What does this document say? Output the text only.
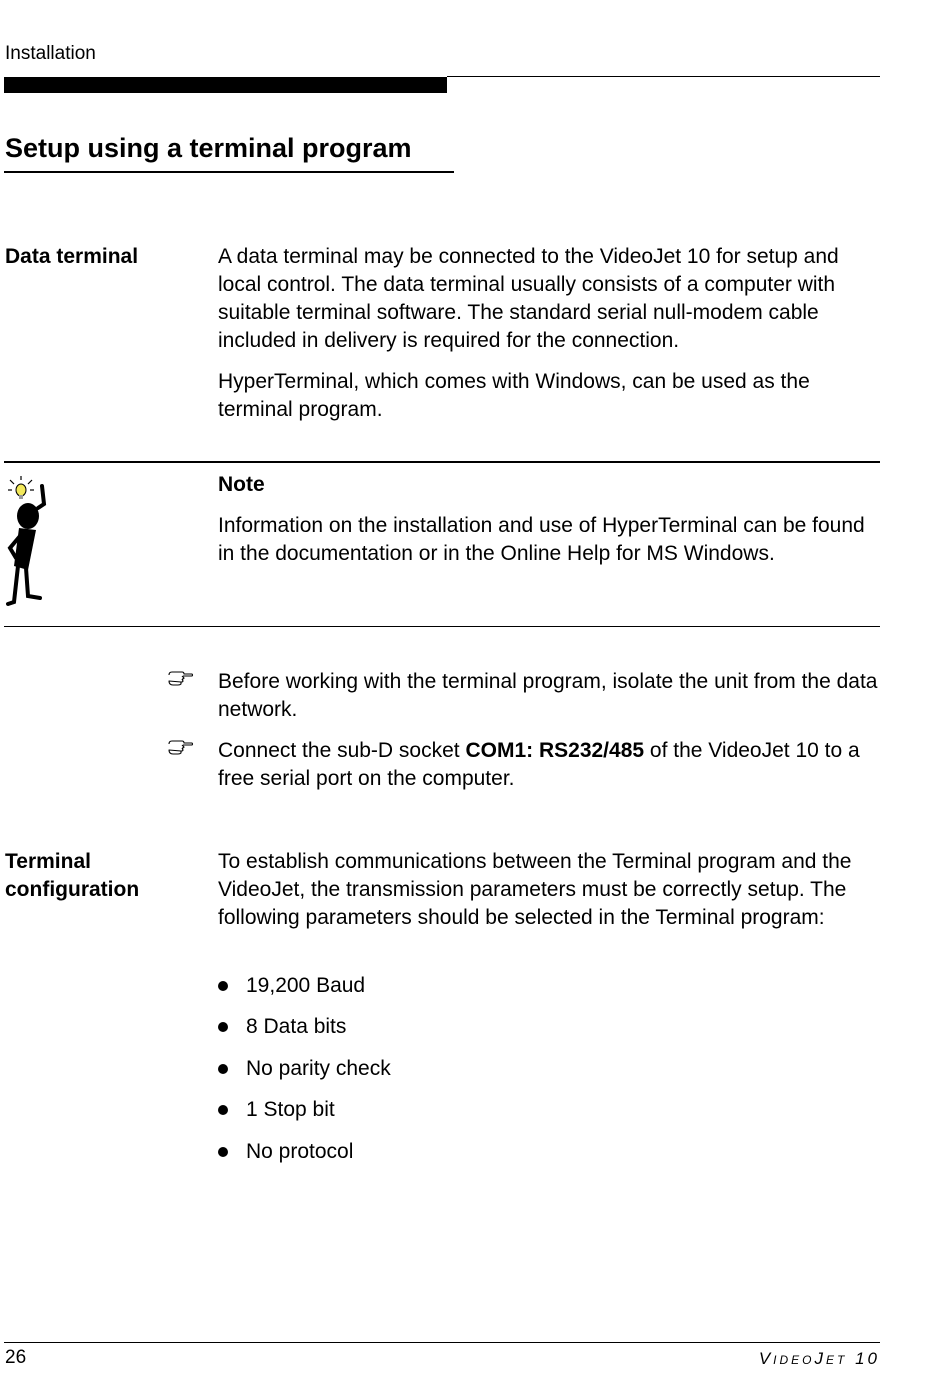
Installation
Setup using a terminal program
Data terminal	A data terminal may be connected to the VideoJet 10 for setup and local control. The data terminal usually consists of a computer with suitable terminal software. The standard serial null-modem cable included in delivery is required for the connection.

HyperTerminal, which comes with Windows, can be used as the terminal program.

Note

Information on the installation and use of HyperTerminal can be found in the documentation or in the Online Help for MS Windows.

Before working with the terminal program, isolate the unit from the data network.

Connect the sub-D socket COM1: RS232/485 of the VideoJet 10 to a free serial port on the computer.

Terminal
configuration

To establish communications between the Terminal program and the VideoJet, the transmission parameters must be correctly setup. The following parameters should be selected in the Terminal program:

19,200 Baud
8 Data bits
No parity check
1 Stop bit
No protocol
26	VideoJet 10
